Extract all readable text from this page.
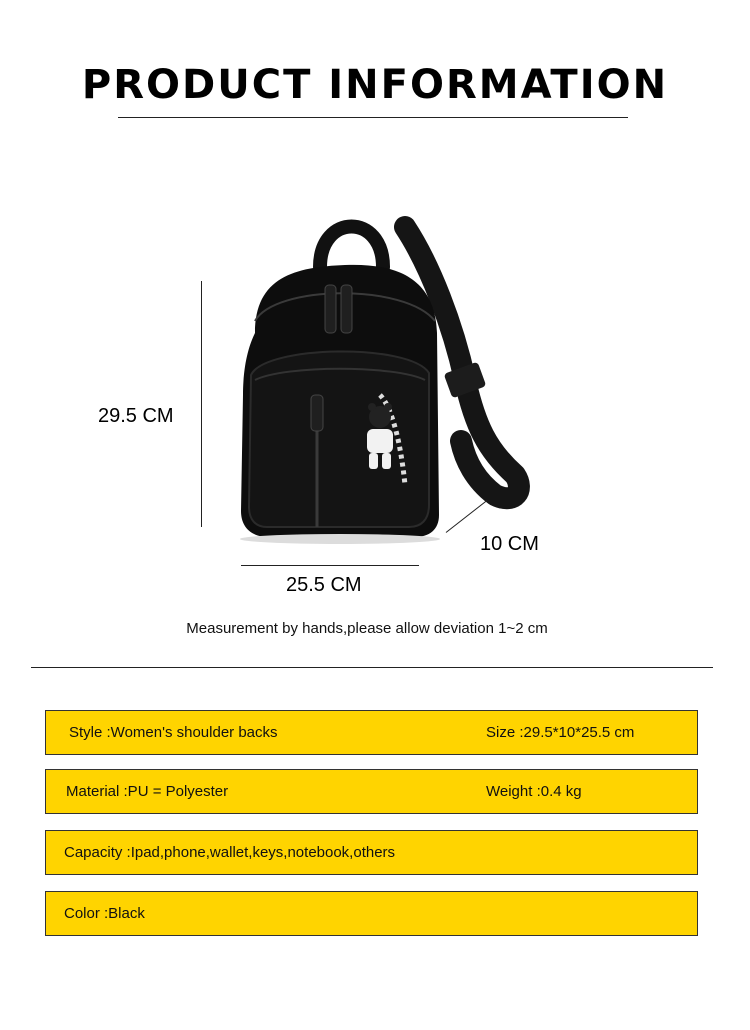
PRODUCT INFORMATION
29.5 CM
25.5 CM
10 CM
Measurement by hands,please allow deviation 1~2 cm
Style :Women's shoulder backs	Size :29.5*10*25.5 cm
Material :PU = Polyester	Weight :0.4 kg
Capacity :Ipad,phone,wallet,keys,notebook,others
Color :Black
